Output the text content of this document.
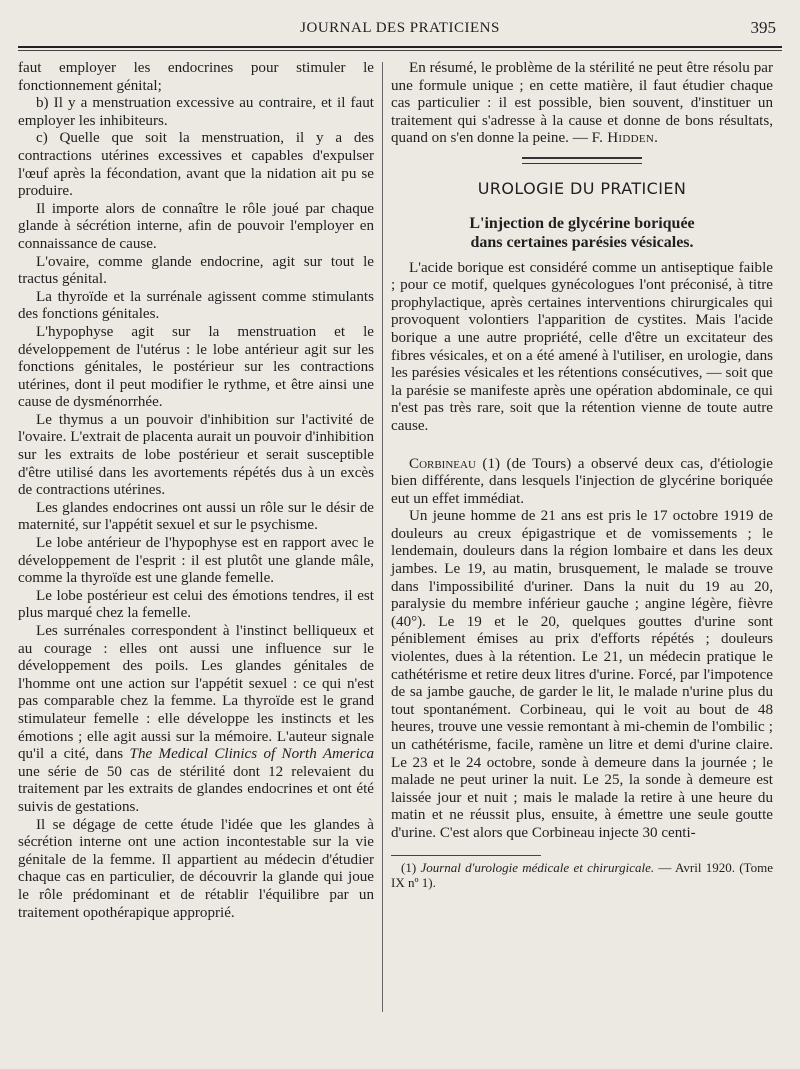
JOURNAL DES PRATICIENS	395

faut employer les endocrines pour stimuler le fonctionnement génital;

b) Il y a menstruation excessive au contraire, et il faut employer les inhibiteurs.

c) Quelle que soit la menstruation, il y a des contractions utérines excessives et capables d'expulser l'œuf après la fécondation, avant que la nidation ait pu se produire.

Il importe alors de connaître le rôle joué par chaque glande à sécrétion interne, afin de pouvoir l'employer en connaissance de cause.

L'ovaire, comme glande endocrine, agit sur tout le tractus génital.

La thyroïde et la surrénale agissent comme stimulants des fonctions génitales.

L'hypophyse agit sur la menstruation et le développement de l'utérus : le lobe antérieur agit sur les fonctions génitales, le postérieur sur les contractions utérines, dont il peut modifier le rythme, et être ainsi une cause de dysménorrhée.

Le thymus a un pouvoir d'inhibition sur l'activité de l'ovaire. L'extrait de placenta aurait un pouvoir d'inhibition sur les extraits de lobe postérieur et serait susceptible d'être utilisé dans les avortements répétés dus à un excès de contractions utérines.

Les glandes endocrines ont aussi un rôle sur le désir de maternité, sur l'appétit sexuel et sur le psychisme.

Le lobe antérieur de l'hypophyse est en rapport avec le développement de l'esprit : il est plutôt une glande mâle, comme la thyroïde est une glande femelle.

Le lobe postérieur est celui des émotions tendres, il est plus marqué chez la femelle.

Les surrénales correspondent à l'instinct belliqueux et au courage : elles ont aussi une influence sur le développement des poils. Les glandes génitales de l'homme ont une action sur l'appétit sexuel : ce qui n'est pas comparable chez la femme. La thyroïde est le grand stimulateur femelle : elle développe les instincts et les émotions ; elle agit aussi sur la mémoire. L'auteur signale qu'il a cité, dans The Medical Clinics of North America une série de 50 cas de stérilité dont 12 relevaient du traitement par les extraits de glandes endocrines et ont été suivis de gestations.

Il se dégage de cette étude l'idée que les glandes à sécrétion interne ont une action incontestable sur la vie génitale de la femme. Il appartient au médecin d'étudier chaque cas en particulier, de découvrir la glande qui joue le rôle prédominant et de rétablir l'équilibre par un traitement opothérapique approprié.

En résumé, le problème de la stérilité ne peut être résolu par une formule unique ; en cette matière, il faut étudier chaque cas particulier : il est possible, bien souvent, d'instituer un traitement qui s'adresse à la cause et donne de bons résultats, quand on s'en donne la peine. — F. Hidden.

UROLOGIE DU PRATICIEN
L'injection de glycérine boriquée
dans certaines parésies vésicales.

L'acide borique est considéré comme un antiseptique faible ; pour ce motif, quelques gynécologues l'ont préconisé, à titre prophylactique, après certaines interventions chirurgicales qui provoquent volontiers l'apparition de cystites. Mais l'acide borique a une autre propriété, celle d'être un excitateur des fibres vésicales, et on a été amené à l'utiliser, en urologie, dans les parésies vésicales et les rétentions consécutives, — soit que la parésie se manifeste après une opération abdominale, ce qui n'est pas très rare, soit que la rétention vienne de toute autre cause.

Corbineau (1) (de Tours) a observé deux cas, d'étiologie bien différente, dans lesquels l'injection de glycérine boriquée eut un effet immédiat.

Un jeune homme de 21 ans est pris le 17 octobre 1919 de douleurs au creux épigastrique et de vomissements ; le lendemain, douleurs dans la région lombaire et dans les deux jambes. Le 19, au matin, brusquement, le malade se trouve dans l'impossibilité d'uriner. Dans la nuit du 19 au 20, paralysie du membre inférieur gauche ; angine légère, fièvre (40°). Le 19 et le 20, quelques gouttes d'urine sont péniblement émises au prix d'efforts répétés ; douleurs violentes, dues à la rétention. Le 21, un médecin pratique le cathétérisme et retire deux litres d'urine. Forcé, par l'impotence de sa jambe gauche, de garder le lit, le malade n'urine plus du tout spontanément. Corbineau, qui le voit au bout de 48 heures, trouve une vessie remontant à mi-chemin de l'ombilic ; un cathétérisme, facile, ramène un litre et demi d'urine claire. Le 23 et le 24 octobre, sonde à demeure dans la journée ; le malade ne peut uriner la nuit. Le 25, la sonde à demeure est laissée jour et nuit ; mais le malade la retire à une heure du matin et ne réussit plus, ensuite, à émettre une seule goutte d'urine. C'est alors que Corbineau injecte 30 centi-

(1) Journal d'urologie médicale et chirurgicale. — Avril 1920. (Tome IX nº 1).
